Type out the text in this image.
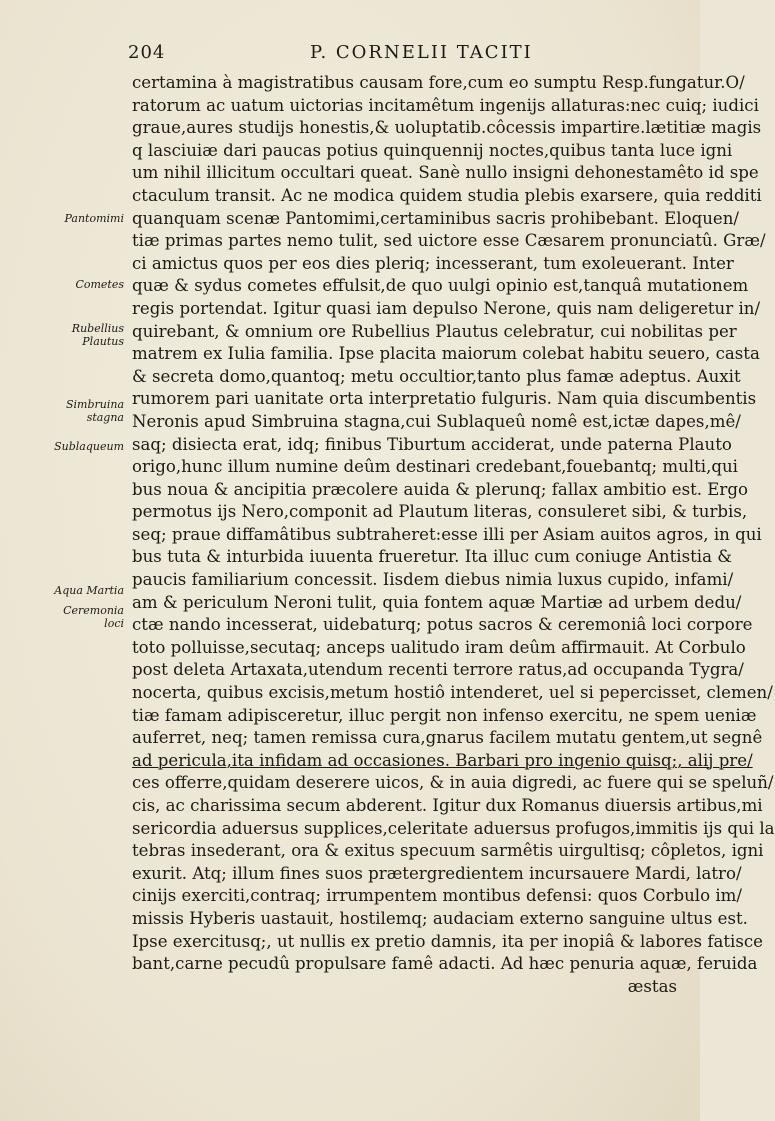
204	P. CORNELII TACITI
certamina à magistratibus causam fore,cum eo sumptu Resp.fungatur.O/
ratorum ac uatum uictorias incitamêtum ingenijs allaturas:nec cuiq; iudici
graue,aures studijs honestis,& uoluptatib.côcessis impartire.lætitiæ magis
q lasciuiæ dari paucas potius quinquennij noctes,quibus tanta luce igni
um nihil illicitum occultari queat. Sanè nullo insigni dehonestamêto id spe
ctaculum transit. Ac ne modica quidem studia plebis exarsere, quia redditi
quanquam scenæ Pantomimi,certaminibus sacris prohibebant. Eloquen/
tiæ primas partes nemo tulit, sed uictore esse Cæsarem pronunciatû. Græ/
ci amictus quos per eos dies pleriq; incesserant, tum exoleuerant. Inter
quæ & sydus cometes effulsit,de quo uulgi opinio est,tanquâ mutationem
regis portendat. Igitur quasi iam depulso Nerone, quis nam deligeretur in/
quirebant, & omnium ore Rubellius Plautus celebratur, cui nobilitas per
matrem ex Iulia familia. Ipse placita maiorum colebat habitu seuero, casta
& secreta domo,quantoq; metu occultior,tanto plus famæ adeptus. Auxit
rumorem pari uanitate orta interpretatio fulguris. Nam quia discumbentis
Neronis apud Simbruina stagna,cui Sublaqueû nomê est,ictæ dapes,mê/
saq; disiecta erat, idq; finibus Tiburtum acciderat, unde paterna Plauto
origo,hunc illum numine deûm destinari credebant,fouebantq; multi,qui
bus noua & ancipitia præcolere auida & plerunq; fallax ambitio est. Ergo
permotus ijs Nero,componit ad Plautum literas, consuleret sibi, & turbis,
seq; praue diffamâtibus subtraheret:esse illi per Asiam auitos agros, in qui
bus tuta & inturbida iuuenta frueretur. Ita illuc cum coniuge Antistia &
paucis familiarium concessit. Iisdem diebus nimia luxus cupido, infami/
am & periculum Neroni tulit, quia fontem aquæ Martiæ ad urbem dedu/
ctæ nando incesserat, uidebaturq; potus sacros & ceremoniâ loci corpore
toto polluisse,secutaq; anceps ualitudo iram deûm affirmauit. At Corbulo
post deleta Artaxata,utendum recenti terrore ratus,ad occupanda Tygra/
nocerta, quibus excisis,metum hostiô intenderet, uel si pepercisset, clemen/
tiæ famam adipisceretur, illuc pergit non infenso exercitu, ne spem ueniæ
auferret, neq; tamen remissa cura,gnarus facilem mutatu gentem,ut segnê
ad pericula,ita infidam ad occasiones. Barbari pro ingenio quisq;, alij pre/
ces offerre,quidam deserere uicos, & in auia digredi, ac fuere qui se speluñ/
cis, ac charissima secum abderent. Igitur dux Romanus diuersis artibus,mi
sericordia aduersus supplices,celeritate aduersus profugos,immitis ijs qui la
tebras insederant, ora & exitus specuum sarmêtis uirgultisq; côpletos, igni
exurit. Atq; illum fines suos prætergredientem incursauere Mardi, latro/
cinijs exerciti,contraq; irrumpentem montibus defensi: quos Corbulo im/
missis Hyberis uastauit, hostilemq; audaciam externo sanguine ultus est.
Ipse exercitusq;, ut nullis ex pretio damnis, ita per inopiâ & labores fatisce
bant,carne pecudû propulsare famê adacti. Ad hæc penuria aquæ, feruida
æstas
Pantomimi
Cometes
Rubellius Plautus
Simbruina stagna
Sublaqueum
Aqua Martia
Ceremonia loci
